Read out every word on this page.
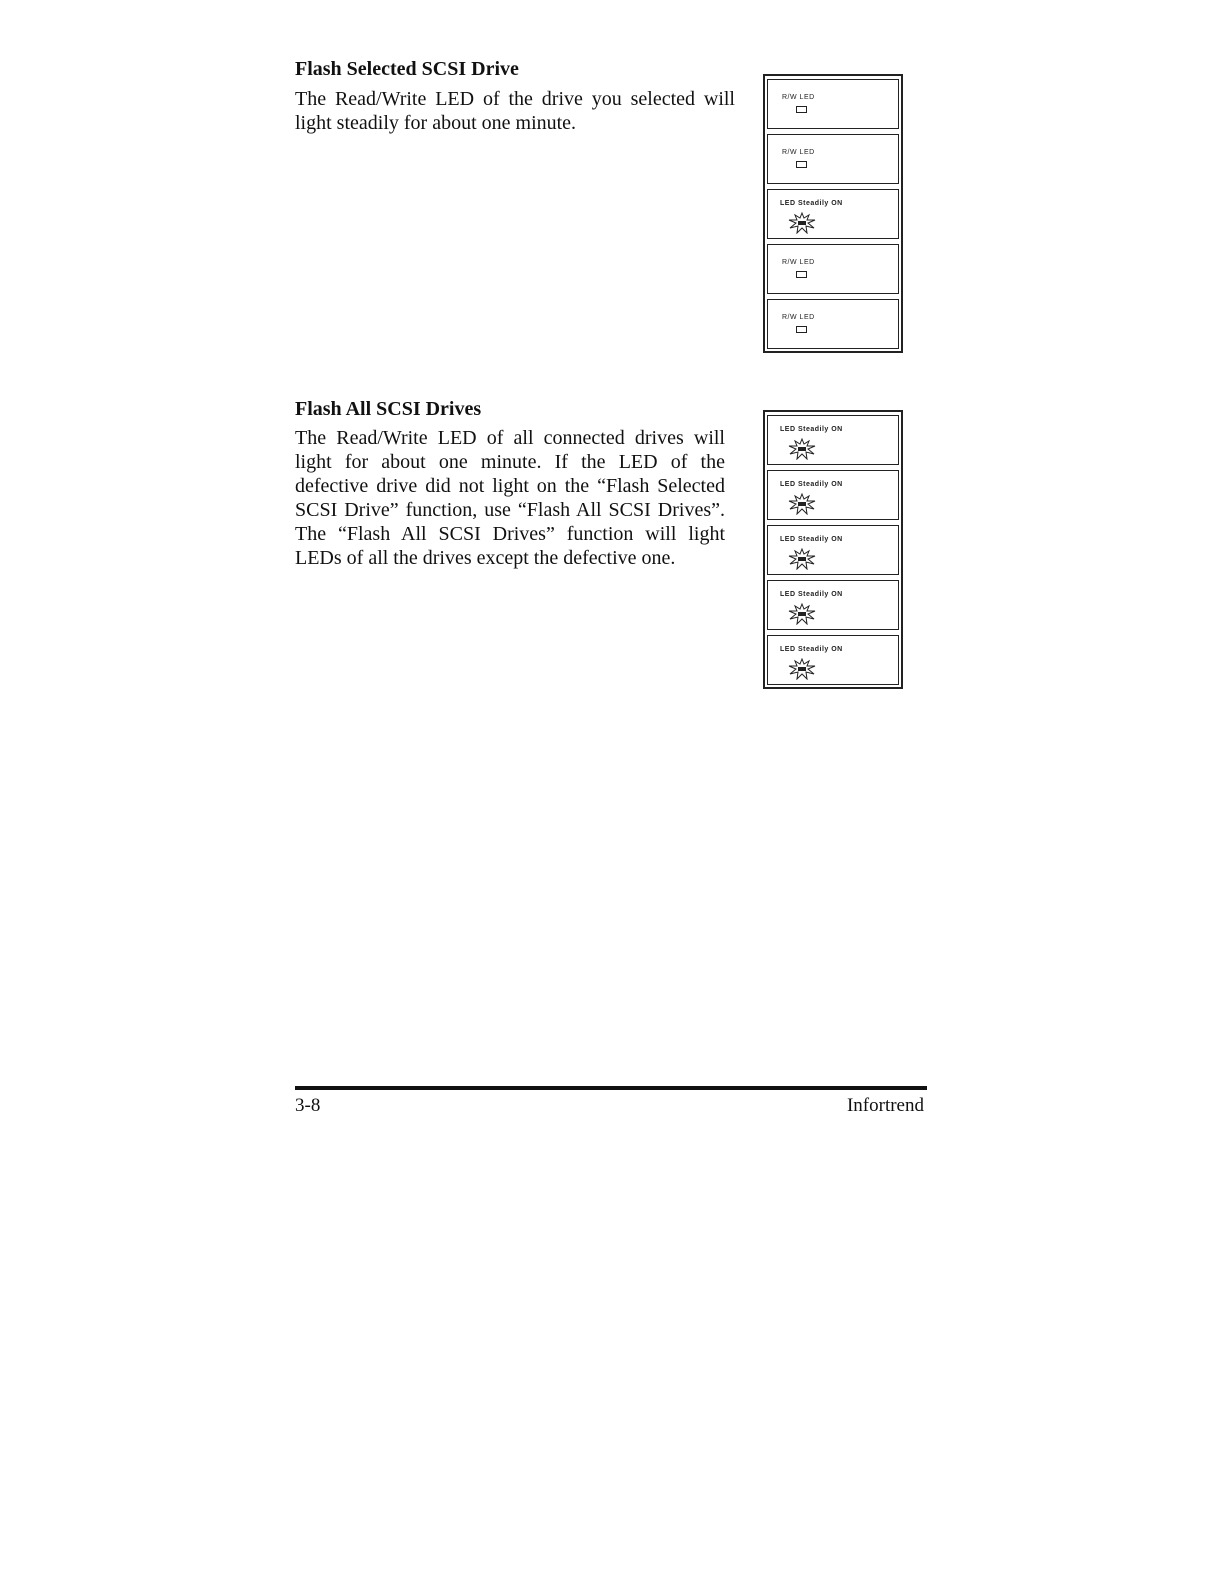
Flash Selected SCSI Drive

The Read/Write LED of the drive you selected will light steadily for about one minute.

R/W LED
R/W LED
LED Steadily ON
R/W LED
R/W LED
Flash All SCSI Drives

The Read/Write LED of all connected drives will light for about one minute. If the LED of the defective drive did not light on the “Flash Selected SCSI Drive” function, use “Flash All SCSI Drives”. The “Flash All SCSI Drives” function will light LEDs of all the drives except the defective one.

LED Steadily ON
LED Steadily ON
LED Steadily ON
LED Steadily ON
LED Steadily ON
3-8	Infortrend
